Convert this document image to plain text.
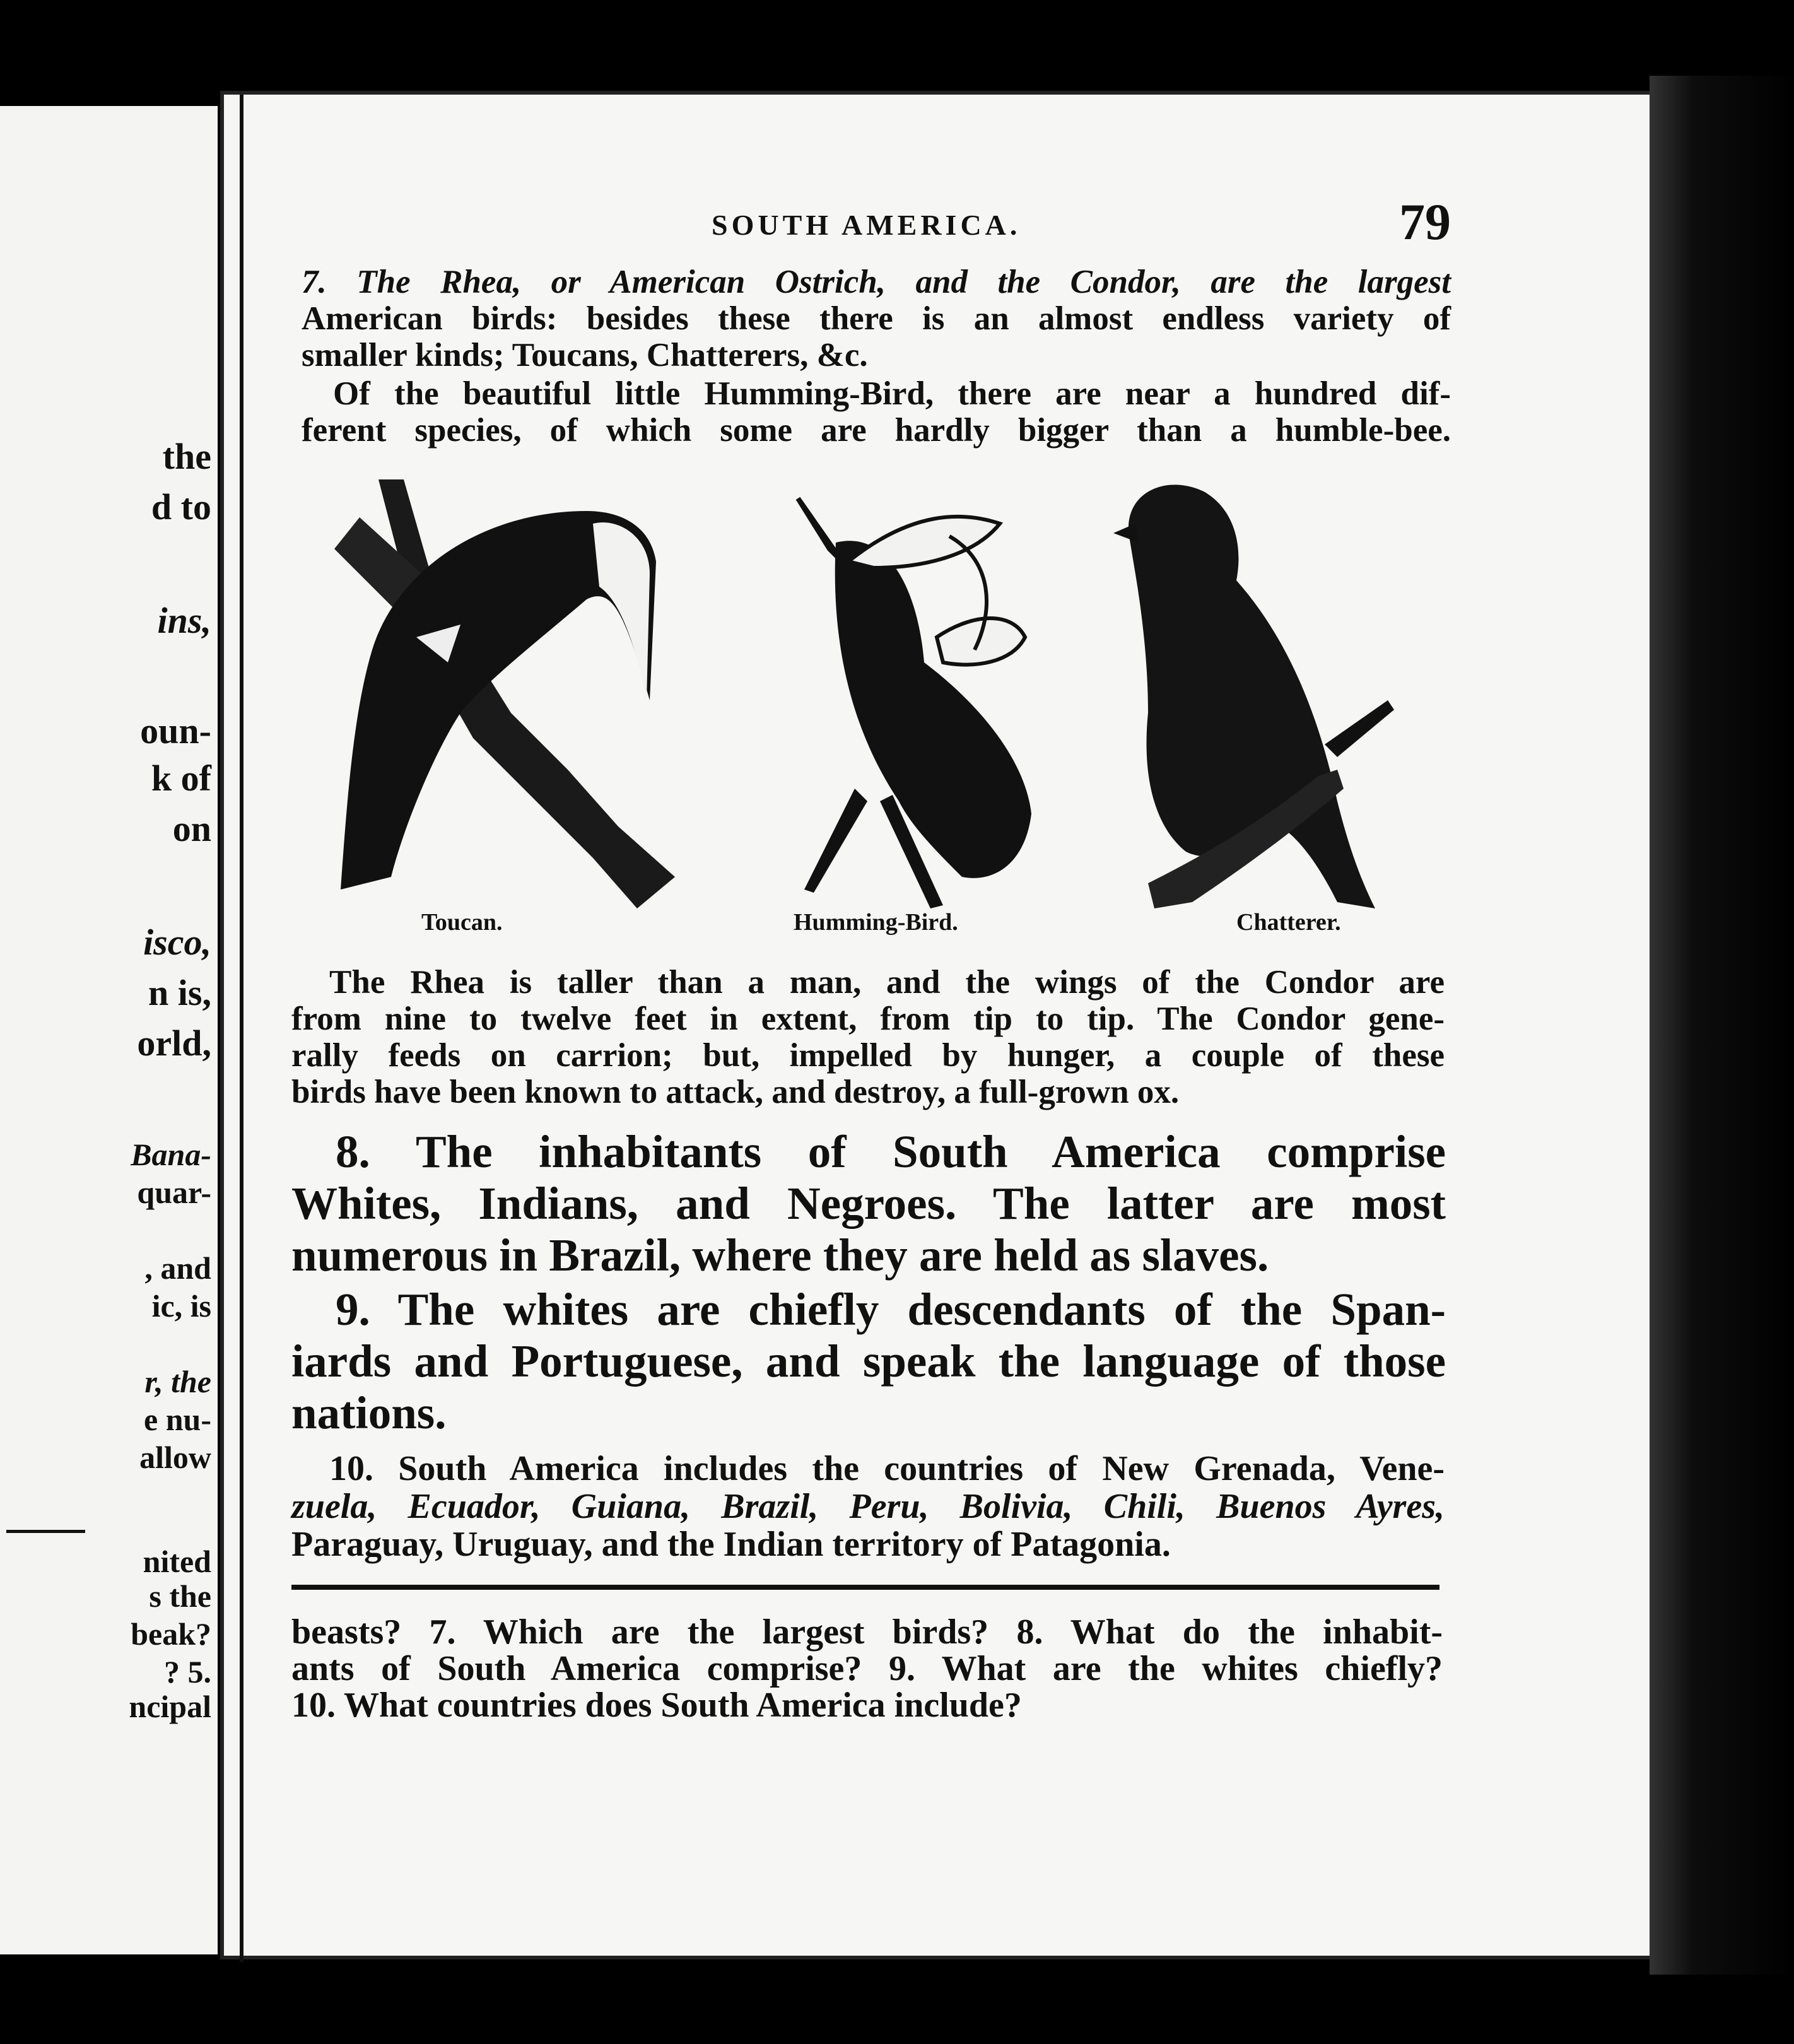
the
d to
ins,
oun-
k of
on
isco,
n is,
orld,
Bana-
quar-
, and
ic, is
r, the
e nu-
allow
nited
s the
beak?
? 5.
ncipal
SOUTH AMERICA.	79
7. The Rhea, or American Ostrich, and the Condor, are the largest
American birds: besides these there is an almost endless variety of
smaller kinds; Toucans, Chatterers, &c.
Of the beautiful little Humming-Bird, there are near a hundred dif-
ferent species, of which some are hardly bigger than a humble-bee.
Toucan.	Humming-Bird.	Chatterer.
The Rhea is taller than a man, and the wings of the Condor are
from nine to twelve feet in extent, from tip to tip. The Condor gene-
rally feeds on carrion; but, impelled by hunger, a couple of these
birds have been known to attack, and destroy, a full-grown ox.
8. The inhabitants of South America comprise
Whites, Indians, and Negroes. The latter are most
numerous in Brazil, where they are held as slaves.
9. The whites are chiefly descendants of the Span-
iards and Portuguese, and speak the language of those
nations.
10. South America includes the countries of New Grenada, Vene-
zuela, Ecuador, Guiana, Brazil, Peru, Bolivia, Chili, Buenos Ayres,
Paraguay, Uruguay, and the Indian territory of Patagonia.
beasts? 7. Which are the largest birds? 8. What do the inhabit-
ants of South America comprise? 9. What are the whites chiefly?
10. What countries does South America include?
